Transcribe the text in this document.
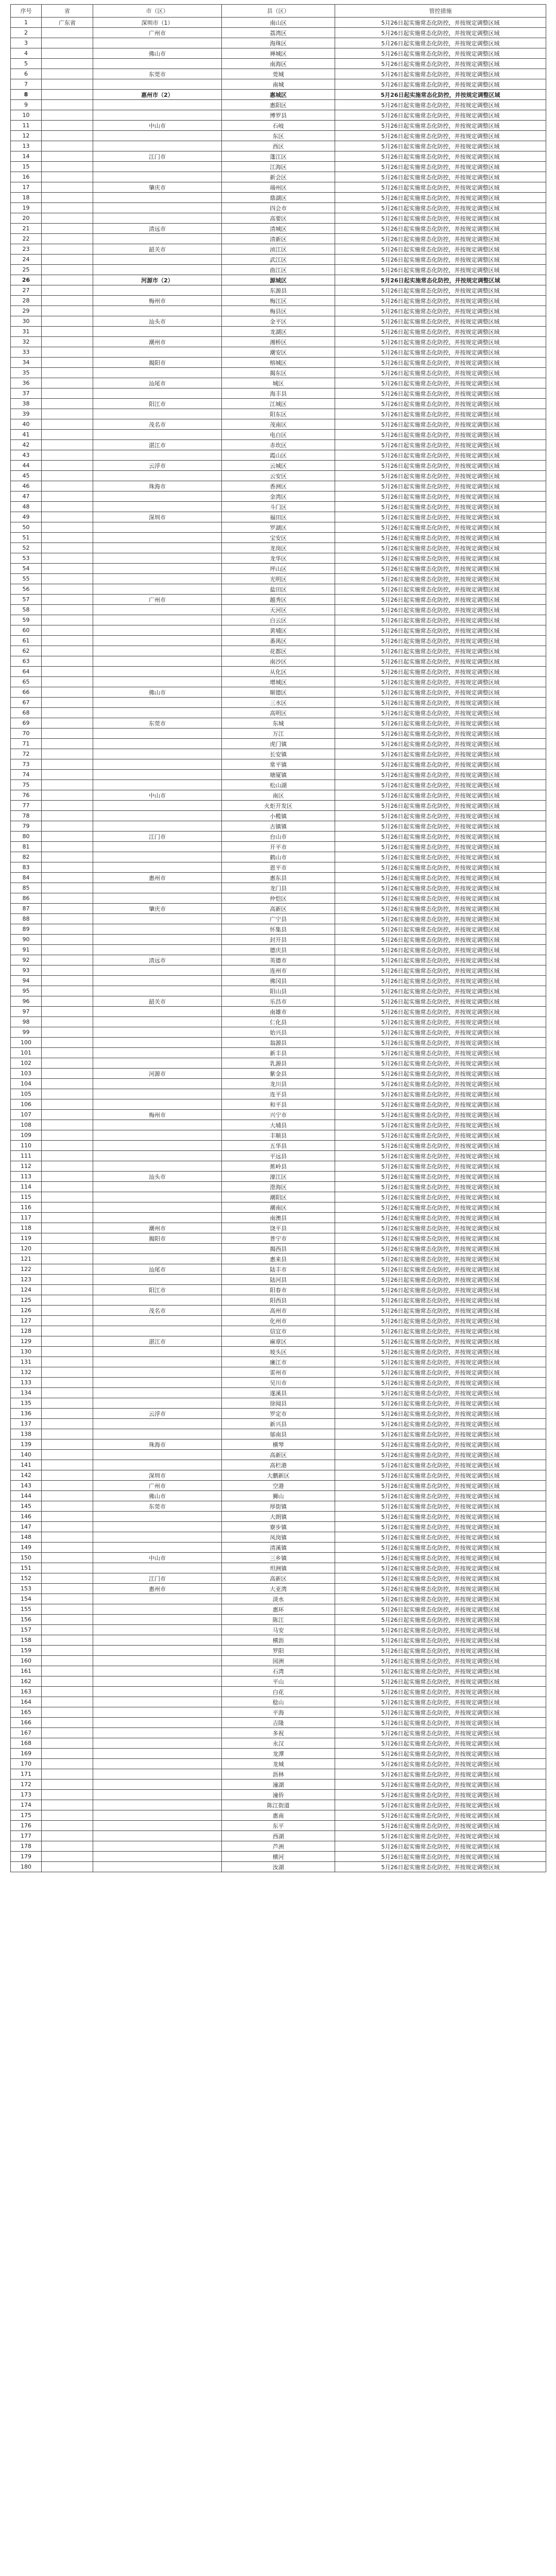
序号	省	市（区）	县（区）	管控措施
1	广东省	深圳市（1）	南山区	5月26日起实施常态化防控，并按规定调整区域
2		广州市	荔湾区	5月26日起实施常态化防控，并按规定调整区域
3			海珠区	5月26日起实施常态化防控，并按规定调整区域
4		佛山市	禅城区	5月26日起实施常态化防控，并按规定调整区域
5			南海区	5月26日起实施常态化防控，并按规定调整区域
6		东莞市	莞城	5月26日起实施常态化防控，并按规定调整区域
7			南城	5月26日起实施常态化防控，并按规定调整区域
8		惠州市（2）	惠城区	5月26日起实施常态化防控，并按规定调整区域
9			惠阳区	5月26日起实施常态化防控，并按规定调整区域
10			博罗县	5月26日起实施常态化防控，并按规定调整区域
11		中山市	石岐	5月26日起实施常态化防控，并按规定调整区域
12			东区	5月26日起实施常态化防控，并按规定调整区域
13			西区	5月26日起实施常态化防控，并按规定调整区域
14		江门市	蓬江区	5月26日起实施常态化防控，并按规定调整区域
15			江海区	5月26日起实施常态化防控，并按规定调整区域
16			新会区	5月26日起实施常态化防控，并按规定调整区域
17		肇庆市	端州区	5月26日起实施常态化防控，并按规定调整区域
18			鼎湖区	5月26日起实施常态化防控，并按规定调整区域
19			四会市	5月26日起实施常态化防控，并按规定调整区域
20			高要区	5月26日起实施常态化防控，并按规定调整区域
21		清远市	清城区	5月26日起实施常态化防控，并按规定调整区域
22			清新区	5月26日起实施常态化防控，并按规定调整区域
23		韶关市	浈江区	5月26日起实施常态化防控，并按规定调整区域
24			武江区	5月26日起实施常态化防控，并按规定调整区域
25			曲江区	5月26日起实施常态化防控，并按规定调整区域
26		河源市（2）	源城区	5月26日起实施常态化防控，并按规定调整区域
27			东源县	5月26日起实施常态化防控，并按规定调整区域
28		梅州市	梅江区	5月26日起实施常态化防控，并按规定调整区域
29			梅县区	5月26日起实施常态化防控，并按规定调整区域
30		汕头市	金平区	5月26日起实施常态化防控，并按规定调整区域
31			龙湖区	5月26日起实施常态化防控，并按规定调整区域
32		潮州市	湘桥区	5月26日起实施常态化防控，并按规定调整区域
33			潮安区	5月26日起实施常态化防控，并按规定调整区域
34		揭阳市	榕城区	5月26日起实施常态化防控，并按规定调整区域
35			揭东区	5月26日起实施常态化防控，并按规定调整区域
36		汕尾市	城区	5月26日起实施常态化防控，并按规定调整区域
37			海丰县	5月26日起实施常态化防控，并按规定调整区域
38		阳江市	江城区	5月26日起实施常态化防控，并按规定调整区域
39			阳东区	5月26日起实施常态化防控，并按规定调整区域
40		茂名市	茂南区	5月26日起实施常态化防控，并按规定调整区域
41			电白区	5月26日起实施常态化防控，并按规定调整区域
42		湛江市	赤坎区	5月26日起实施常态化防控，并按规定调整区域
43			霞山区	5月26日起实施常态化防控，并按规定调整区域
44		云浮市	云城区	5月26日起实施常态化防控，并按规定调整区域
45			云安区	5月26日起实施常态化防控，并按规定调整区域
46		珠海市	香洲区	5月26日起实施常态化防控，并按规定调整区域
47			金湾区	5月26日起实施常态化防控，并按规定调整区域
48			斗门区	5月26日起实施常态化防控，并按规定调整区域
49		深圳市	福田区	5月26日起实施常态化防控，并按规定调整区域
50			罗湖区	5月26日起实施常态化防控，并按规定调整区域
51			宝安区	5月26日起实施常态化防控，并按规定调整区域
52			龙岗区	5月26日起实施常态化防控，并按规定调整区域
53			龙华区	5月26日起实施常态化防控，并按规定调整区域
54			坪山区	5月26日起实施常态化防控，并按规定调整区域
55			光明区	5月26日起实施常态化防控，并按规定调整区域
56			盐田区	5月26日起实施常态化防控，并按规定调整区域
57		广州市	越秀区	5月26日起实施常态化防控，并按规定调整区域
58			天河区	5月26日起实施常态化防控，并按规定调整区域
59			白云区	5月26日起实施常态化防控，并按规定调整区域
60			黄埔区	5月26日起实施常态化防控，并按规定调整区域
61			番禺区	5月26日起实施常态化防控，并按规定调整区域
62			花都区	5月26日起实施常态化防控，并按规定调整区域
63			南沙区	5月26日起实施常态化防控，并按规定调整区域
64			从化区	5月26日起实施常态化防控，并按规定调整区域
65			增城区	5月26日起实施常态化防控，并按规定调整区域
66		佛山市	顺德区	5月26日起实施常态化防控，并按规定调整区域
67			三水区	5月26日起实施常态化防控，并按规定调整区域
68			高明区	5月26日起实施常态化防控，并按规定调整区域
69		东莞市	东城	5月26日起实施常态化防控，并按规定调整区域
70			万江	5月26日起实施常态化防控，并按规定调整区域
71			虎门镇	5月26日起实施常态化防控，并按规定调整区域
72			长安镇	5月26日起实施常态化防控，并按规定调整区域
73			常平镇	5月26日起实施常态化防控，并按规定调整区域
74			塘厦镇	5月26日起实施常态化防控，并按规定调整区域
75			松山湖	5月26日起实施常态化防控，并按规定调整区域
76		中山市	南区	5月26日起实施常态化防控，并按规定调整区域
77			火炬开发区	5月26日起实施常态化防控，并按规定调整区域
78			小榄镇	5月26日起实施常态化防控，并按规定调整区域
79			古镇镇	5月26日起实施常态化防控，并按规定调整区域
80		江门市	台山市	5月26日起实施常态化防控，并按规定调整区域
81			开平市	5月26日起实施常态化防控，并按规定调整区域
82			鹤山市	5月26日起实施常态化防控，并按规定调整区域
83			恩平市	5月26日起实施常态化防控，并按规定调整区域
84		惠州市	惠东县	5月26日起实施常态化防控，并按规定调整区域
85			龙门县	5月26日起实施常态化防控，并按规定调整区域
86			仲恺区	5月26日起实施常态化防控，并按规定调整区域
87		肇庆市	高新区	5月26日起实施常态化防控，并按规定调整区域
88			广宁县	5月26日起实施常态化防控，并按规定调整区域
89			怀集县	5月26日起实施常态化防控，并按规定调整区域
90			封开县	5月26日起实施常态化防控，并按规定调整区域
91			德庆县	5月26日起实施常态化防控，并按规定调整区域
92		清远市	英德市	5月26日起实施常态化防控，并按规定调整区域
93			连州市	5月26日起实施常态化防控，并按规定调整区域
94			佛冈县	5月26日起实施常态化防控，并按规定调整区域
95			阳山县	5月26日起实施常态化防控，并按规定调整区域
96		韶关市	乐昌市	5月26日起实施常态化防控，并按规定调整区域
97			南雄市	5月26日起实施常态化防控，并按规定调整区域
98			仁化县	5月26日起实施常态化防控，并按规定调整区域
99			始兴县	5月26日起实施常态化防控，并按规定调整区域
100			翁源县	5月26日起实施常态化防控，并按规定调整区域
101			新丰县	5月26日起实施常态化防控，并按规定调整区域
102			乳源县	5月26日起实施常态化防控，并按规定调整区域
103		河源市	紫金县	5月26日起实施常态化防控，并按规定调整区域
104			龙川县	5月26日起实施常态化防控，并按规定调整区域
105			连平县	5月26日起实施常态化防控，并按规定调整区域
106			和平县	5月26日起实施常态化防控，并按规定调整区域
107		梅州市	兴宁市	5月26日起实施常态化防控，并按规定调整区域
108			大埔县	5月26日起实施常态化防控，并按规定调整区域
109			丰顺县	5月26日起实施常态化防控，并按规定调整区域
110			五华县	5月26日起实施常态化防控，并按规定调整区域
111			平远县	5月26日起实施常态化防控，并按规定调整区域
112			蕉岭县	5月26日起实施常态化防控，并按规定调整区域
113		汕头市	濠江区	5月26日起实施常态化防控，并按规定调整区域
114			澄海区	5月26日起实施常态化防控，并按规定调整区域
115			潮阳区	5月26日起实施常态化防控，并按规定调整区域
116			潮南区	5月26日起实施常态化防控，并按规定调整区域
117			南澳县	5月26日起实施常态化防控，并按规定调整区域
118		潮州市	饶平县	5月26日起实施常态化防控，并按规定调整区域
119		揭阳市	普宁市	5月26日起实施常态化防控，并按规定调整区域
120			揭西县	5月26日起实施常态化防控，并按规定调整区域
121			惠来县	5月26日起实施常态化防控，并按规定调整区域
122		汕尾市	陆丰市	5月26日起实施常态化防控，并按规定调整区域
123			陆河县	5月26日起实施常态化防控，并按规定调整区域
124		阳江市	阳春市	5月26日起实施常态化防控，并按规定调整区域
125			阳西县	5月26日起实施常态化防控，并按规定调整区域
126		茂名市	高州市	5月26日起实施常态化防控，并按规定调整区域
127			化州市	5月26日起实施常态化防控，并按规定调整区域
128			信宜市	5月26日起实施常态化防控，并按规定调整区域
129		湛江市	麻章区	5月26日起实施常态化防控，并按规定调整区域
130			坡头区	5月26日起实施常态化防控，并按规定调整区域
131			廉江市	5月26日起实施常态化防控，并按规定调整区域
132			雷州市	5月26日起实施常态化防控，并按规定调整区域
133			吴川市	5月26日起实施常态化防控，并按规定调整区域
134			遂溪县	5月26日起实施常态化防控，并按规定调整区域
135			徐闻县	5月26日起实施常态化防控，并按规定调整区域
136		云浮市	罗定市	5月26日起实施常态化防控，并按规定调整区域
137			新兴县	5月26日起实施常态化防控，并按规定调整区域
138			郁南县	5月26日起实施常态化防控，并按规定调整区域
139		珠海市	横琴	5月26日起实施常态化防控，并按规定调整区域
140			高新区	5月26日起实施常态化防控，并按规定调整区域
141			高栏港	5月26日起实施常态化防控，并按规定调整区域
142		深圳市	大鹏新区	5月26日起实施常态化防控，并按规定调整区域
143		广州市	空港	5月26日起实施常态化防控，并按规定调整区域
144		佛山市	狮山	5月26日起实施常态化防控，并按规定调整区域
145		东莞市	厚街镇	5月26日起实施常态化防控，并按规定调整区域
146			大朗镇	5月26日起实施常态化防控，并按规定调整区域
147			寮步镇	5月26日起实施常态化防控，并按规定调整区域
148			凤岗镇	5月26日起实施常态化防控，并按规定调整区域
149			清溪镇	5月26日起实施常态化防控，并按规定调整区域
150		中山市	三乡镇	5月26日起实施常态化防控，并按规定调整区域
151			坦洲镇	5月26日起实施常态化防控，并按规定调整区域
152		江门市	高新区	5月26日起实施常态化防控，并按规定调整区域
153		惠州市	大亚湾	5月26日起实施常态化防控，并按规定调整区域
154			淡水	5月26日起实施常态化防控，并按规定调整区域
155			惠环	5月26日起实施常态化防控，并按规定调整区域
156			陈江	5月26日起实施常态化防控，并按规定调整区域
157			马安	5月26日起实施常态化防控，并按规定调整区域
158			横沥	5月26日起实施常态化防控，并按规定调整区域
159			罗阳	5月26日起实施常态化防控，并按规定调整区域
160			园洲	5月26日起实施常态化防控，并按规定调整区域
161			石湾	5月26日起实施常态化防控，并按规定调整区域
162			平山	5月26日起实施常态化防控，并按规定调整区域
163			白花	5月26日起实施常态化防控，并按规定调整区域
164			稔山	5月26日起实施常态化防控，并按规定调整区域
165			平海	5月26日起实施常态化防控，并按规定调整区域
166			吉隆	5月26日起实施常态化防控，并按规定调整区域
167			多祝	5月26日起实施常态化防控，并按规定调整区域
168			永汉	5月26日起实施常态化防控，并按规定调整区域
169			龙潭	5月26日起实施常态化防控，并按规定调整区域
170			龙城	5月26日起实施常态化防控，并按规定调整区域
171			沥林	5月26日起实施常态化防控，并按规定调整区域
172			潼湖	5月26日起实施常态化防控，并按规定调整区域
173			潼侨	5月26日起实施常态化防控，并按规定调整区域
174			陈江街道	5月26日起实施常态化防控，并按规定调整区域
175			惠南	5月26日起实施常态化防控，并按规定调整区域
176			东平	5月26日起实施常态化防控，并按规定调整区域
177			西湖	5月26日起实施常态化防控，并按规定调整区域
178			芦洲	5月26日起实施常态化防控，并按规定调整区域
179			横河	5月26日起实施常态化防控，并按规定调整区域
180			汝湖	5月26日起实施常态化防控，并按规定调整区域
